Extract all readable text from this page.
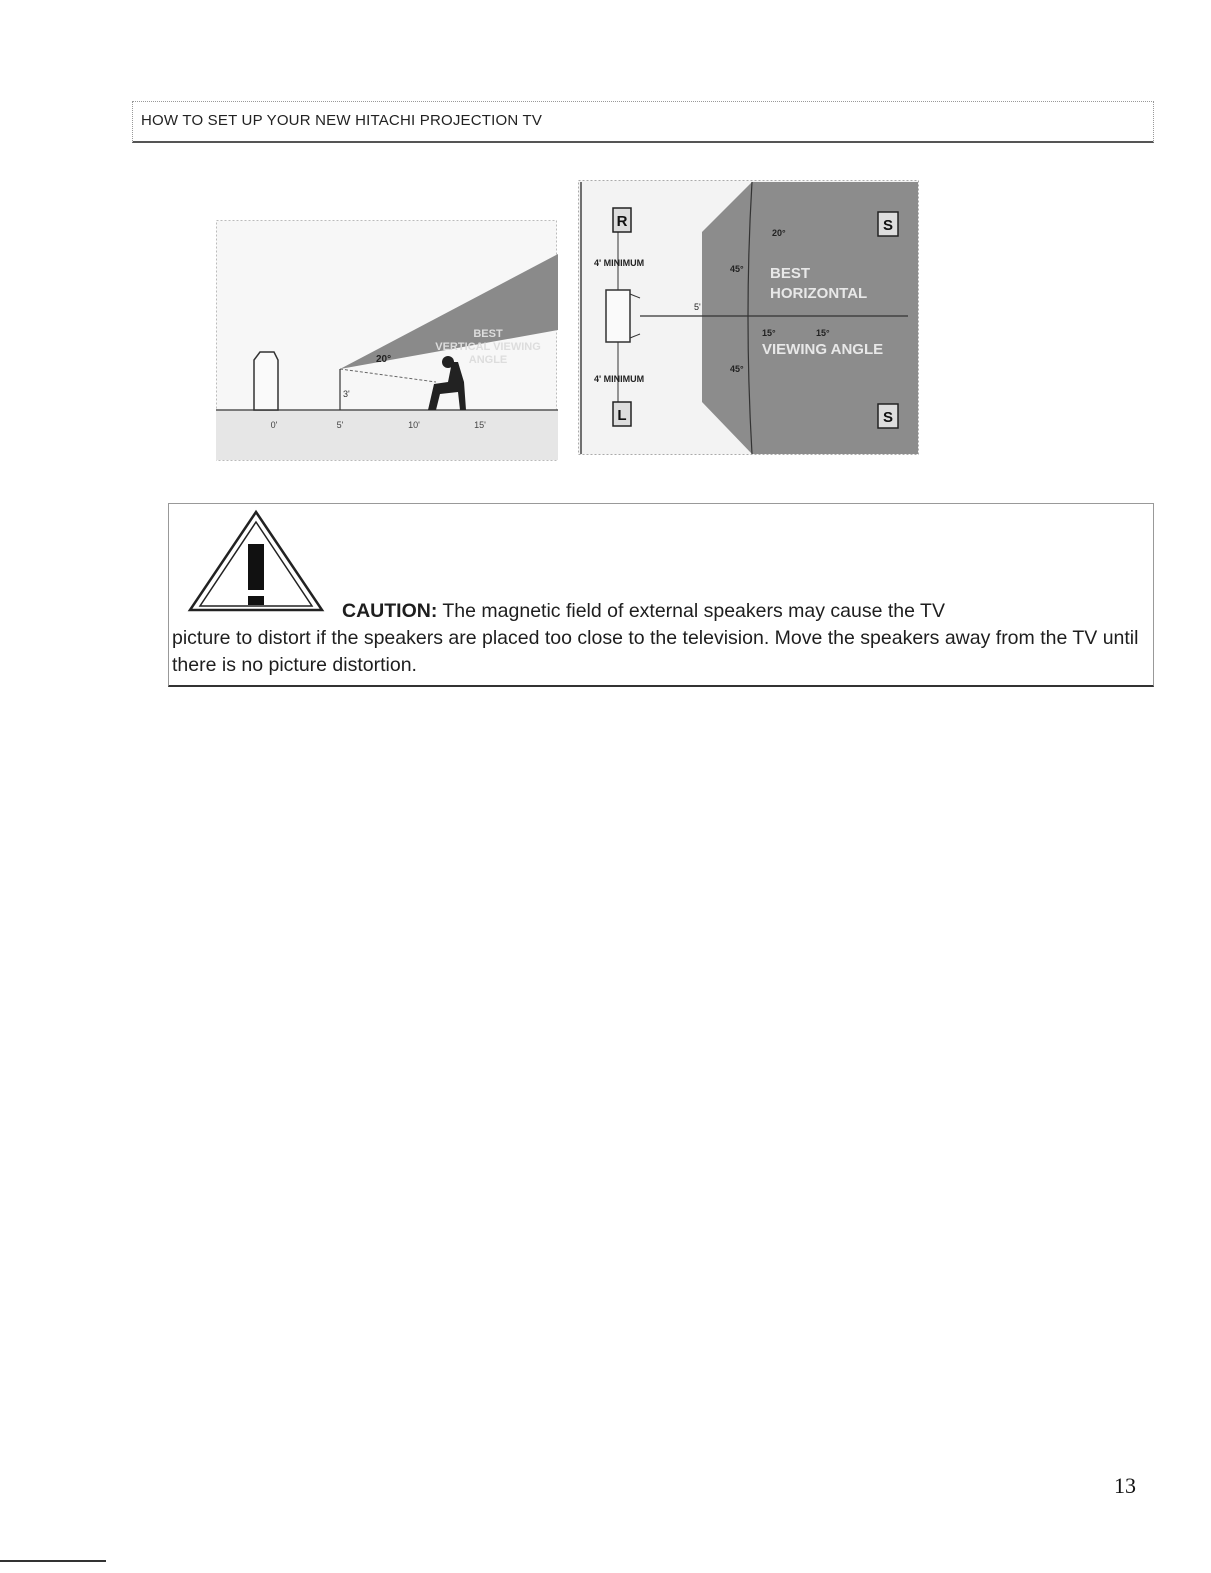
HOW TO SET UP YOUR NEW HITACHI PROJECTION TV
3'
20°
BEST
VERTICAL VIEWING
ANGLE
0'	5'	10'	15'
R
L
S
S
4' MINIMUM
4' MINIMUM
5'
20°
45°
15°	15°
45°
BEST
HORIZONTAL
VIEWING ANGLE
CAUTION: The magnetic field of external speakers may cause the TV
picture to distort if the speakers are placed too close to the television. Move the speakers away from the TV until there is no picture distortion.
13
